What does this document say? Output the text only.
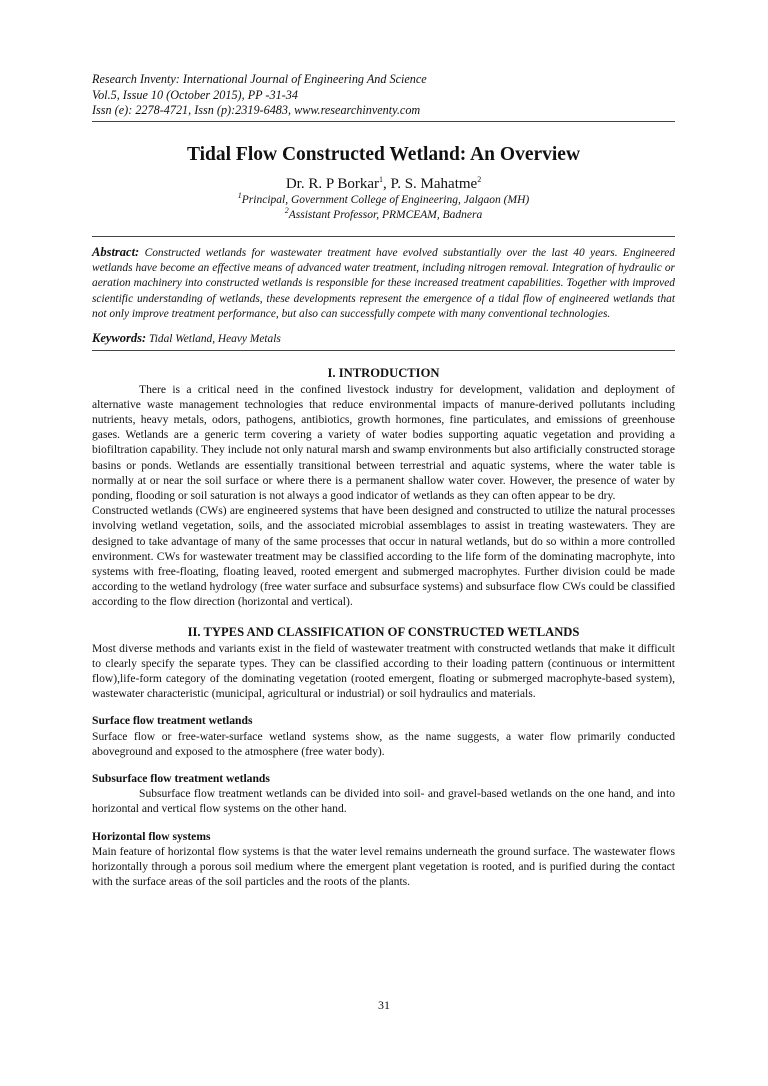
Research Inventy: International Journal of Engineering And Science
Vol.5, Issue 10 (October 2015), PP -31-34
Issn (e): 2278-4721, Issn (p):2319-6483, www.researchinventy.com
Tidal Flow Constructed Wetland: An Overview
Dr. R. P Borkar$^1$, P. S. Mahatme$^2$
$^1$Principal, Government College of Engineering, Jalgaon (MH)
$^2$Assistant Professor, PRMCEAM, Badnera

Abstract: Constructed wetlands for wastewater treatment have evolved substantially over the last 40 years. Engineered wetlands have become an effective means of advanced water treatment, including nitrogen removal. Integration of hydraulic or aeration machinery into constructed wetlands is responsible for these increased treatment capabilities. Together with improved scientific understanding of wetlands, these developments represent the emergence of a tidal flow of engineered wetlands that not only improve treatment performance, but also can successfully compete with many conventional technologies.

Keywords: Tidal Wetland, Heavy Metals

I. INTRODUCTION

There is a critical need in the confined livestock industry for development, validation and deployment of alternative waste management technologies that reduce environmental impacts of manure-derived pollutants including nutrients, heavy metals, odors, pathogens, antibiotics, growth hormones, fine particulates, and emissions of greenhouse gases. Wetlands are a generic term covering a variety of water bodies supporting aquatic vegetation and providing a biofiltration capability. They include not only natural marsh and swamp environments but also artificially constructed storage basins or ponds. Wetlands are essentially transitional between terrestrial and aquatic systems, where the water table is normally at or near the soil surface or where there is a permanent shallow water cover. However, the presence of water by ponding, flooding or soil saturation is not always a good indicator of wetlands as they can often appear to be dry.

Constructed wetlands (CWs) are engineered systems that have been designed and constructed to utilize the natural processes involving wetland vegetation, soils, and the associated microbial assemblages to assist in treating wastewaters. They are designed to take advantage of many of the same processes that occur in natural wetlands, but do so within a more controlled environment. CWs for wastewater treatment may be classified according to the life form of the dominating macrophyte, into systems with free-floating, floating leaved, rooted emergent and submerged macrophytes. Further division could be made according to the wetland hydrology (free water surface and subsurface systems) and subsurface flow CWs could be classified according to the flow direction (horizontal and vertical).

II. TYPES AND CLASSIFICATION OF CONSTRUCTED WETLANDS

Most diverse methods and variants exist in the field of wastewater treatment with constructed wetlands that make it difficult to clearly specify the separate types. They can be classified according to their loading pattern (continuous or intermittent flow),life-form category of the dominating vegetation (rooted emergent, floating or submerged macrophyte-based system), wastewater characteristic (municipal, agricultural or industrial) or soil hydraulics and materials.

Surface flow treatment wetlands

Surface flow or free-water-surface wetland systems show, as the name suggests, a water flow primarily conducted aboveground and exposed to the atmosphere (free water body).

Subsurface flow treatment wetlands

Subsurface flow treatment wetlands can be divided into soil- and gravel-based wetlands on the one hand, and into horizontal and vertical flow systems on the other hand.

Horizontal flow systems

Main feature of horizontal flow systems is that the water level remains underneath the ground surface. The wastewater flows horizontally through a porous soil medium where the emergent plant vegetation is rooted, and is purified during the contact with the surface areas of the soil particles and the roots of the plants.

31
